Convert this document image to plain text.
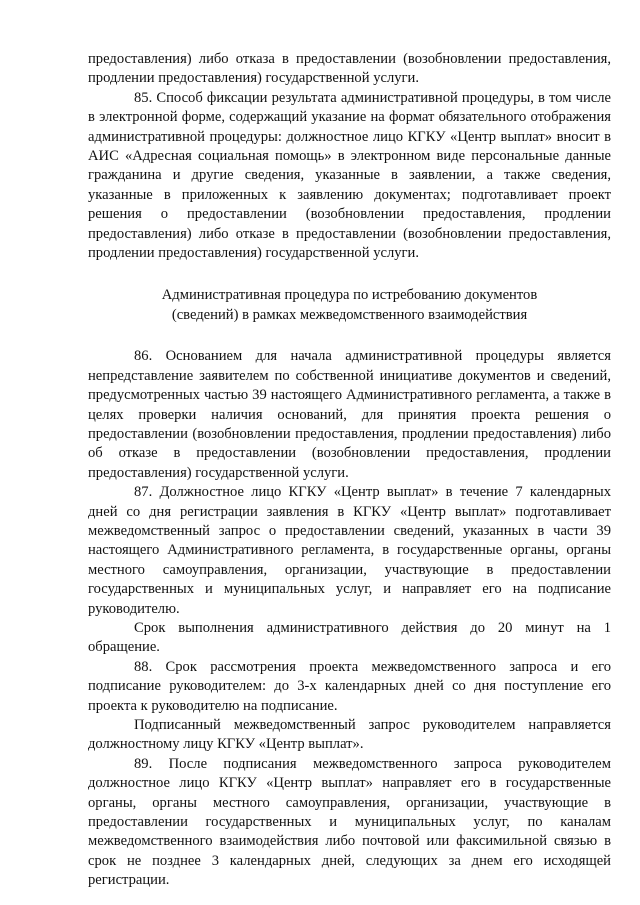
предоставления) либо отказа в предоставлении (возобновлении предоставления, продлении предоставления) государственной услуги.

85. Способ фиксации результата административной процедуры, в том числе в электронной форме, содержащий указание на формат обязательного отображения административной процедуры: должностное лицо КГКУ «Центр выплат» вносит в АИС «Адресная социальная помощь» в электронном виде персональные данные гражданина и другие сведения, указанные в заявлении, а также сведения, указанные в приложенных к заявлению документах; подготавливает проект решения о предоставлении (возобновлении предоставления, продлении предоставления) либо отказе в предоставлении (возобновлении предоставления, продлении предоставления) государственной услуги.

Административная процедура по истребованию документов
(сведений) в рамках межведомственного взаимодействия

86. Основанием для начала административной процедуры является непредставление заявителем по собственной инициативе документов и сведений, предусмотренных частью 39 настоящего Административного регламента, а также в целях проверки наличия оснований, для принятия проекта решения о предоставлении (возобновлении предоставления, продлении предоставления) либо об отказе в предоставлении (возобновлении предоставления, продлении предоставления) государственной услуги.

87. Должностное лицо КГКУ «Центр выплат» в течение 7 календарных дней со дня регистрации заявления в КГКУ «Центр выплат» подготавливает межведомственный запрос о предоставлении сведений, указанных в части 39 настоящего Административного регламента, в государственные органы, органы местного самоуправления, организации, участвующие в предоставлении государственных и муниципальных услуг, и направляет его на подписание руководителю.

Срок выполнения административного действия до 20 минут на 1 обращение.

88. Срок рассмотрения проекта межведомственного запроса и его подписание руководителем: до 3-х календарных дней со дня поступление его проекта к руководителю на подписание.

Подписанный межведомственный запрос руководителем направляется должностному лицу КГКУ «Центр выплат».

89. После подписания межведомственного запроса руководителем должностное лицо КГКУ «Центр выплат» направляет его в государственные органы, органы местного самоуправления, организации, участвующие в предоставлении государственных и муниципальных услуг, по каналам межведомственного взаимодействия либо почтовой или факсимильной связью в срок не позднее 3 календарных дней, следующих за днем его исходящей регистрации.
